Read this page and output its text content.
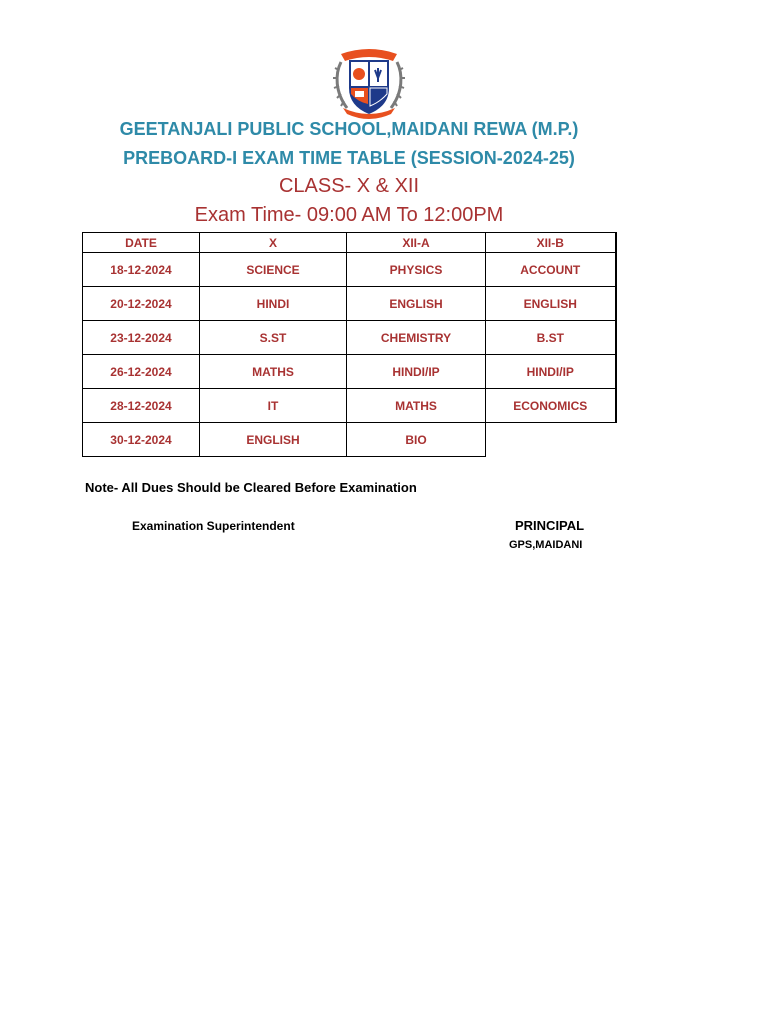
GEETANJALI PUBLIC SCHOOL,MAIDANI REWA (M.P.)
PREBOARD-I EXAM TIME TABLE (SESSION-2024-25)
CLASS- X & XII
Exam Time- 09:00 AM To 12:00PM
DATE	X	XII-A	XII-B
18-12-2024	SCIENCE	PHYSICS	ACCOUNT
20-12-2024	HINDI	ENGLISH	ENGLISH
23-12-2024	S.ST	CHEMISTRY	B.ST
26-12-2024	MATHS	HINDI/IP	HINDI/IP
28-12-2024	IT	MATHS	ECONOMICS
30-12-2024	ENGLISH	BIO	
Note- All Dues Should be Cleared Before Examination
Examination Superintendent	PRINCIPAL
GPS,MAIDANI
